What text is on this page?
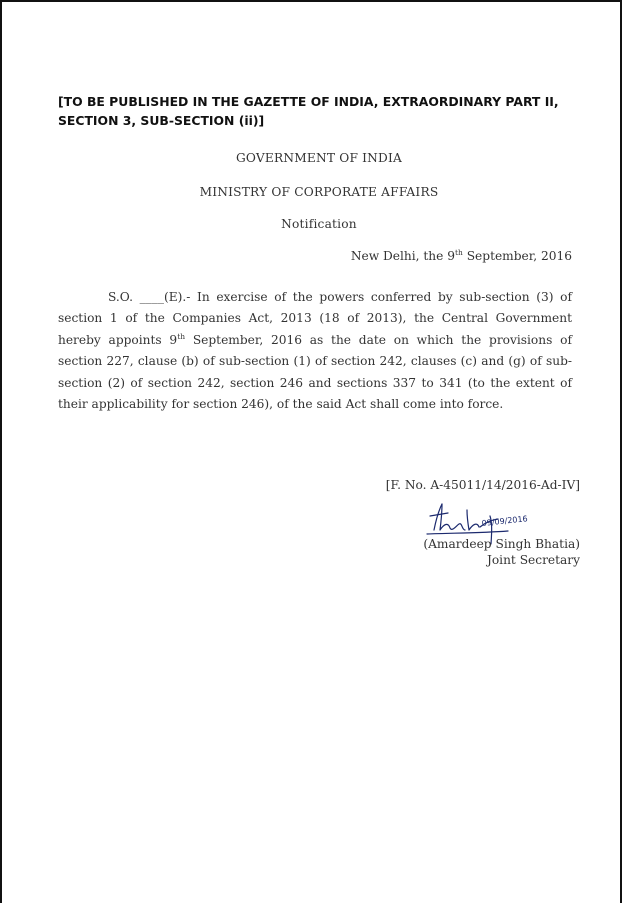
[TO BE PUBLISHED IN THE GAZETTE OF INDIA, EXTRAORDINARY PART II, SECTION 3, SUB-SECTION (ii)]
GOVERNMENT OF INDIA
MINISTRY OF CORPORATE AFFAIRS
Notification
New Delhi, the 9th September, 2016

S.O. ____(E).- In exercise of the powers conferred by sub-section (3) of section 1 of the Companies Act, 2013 (18 of 2013), the Central Government hereby appoints 9th September, 2016 as the date on which the provisions of section 227, clause (b) of sub-section (1) of section 242, clauses (c) and (g) of sub-section (2) of section 242, section 246 and sections 337 to 341 (to the extent of their applicability for section 246), of the said Act shall come into force.

[F. No. A-45011/14/2016-Ad-IV]
09/09/2016
(Amardeep Singh Bhatia)
Joint Secretary
